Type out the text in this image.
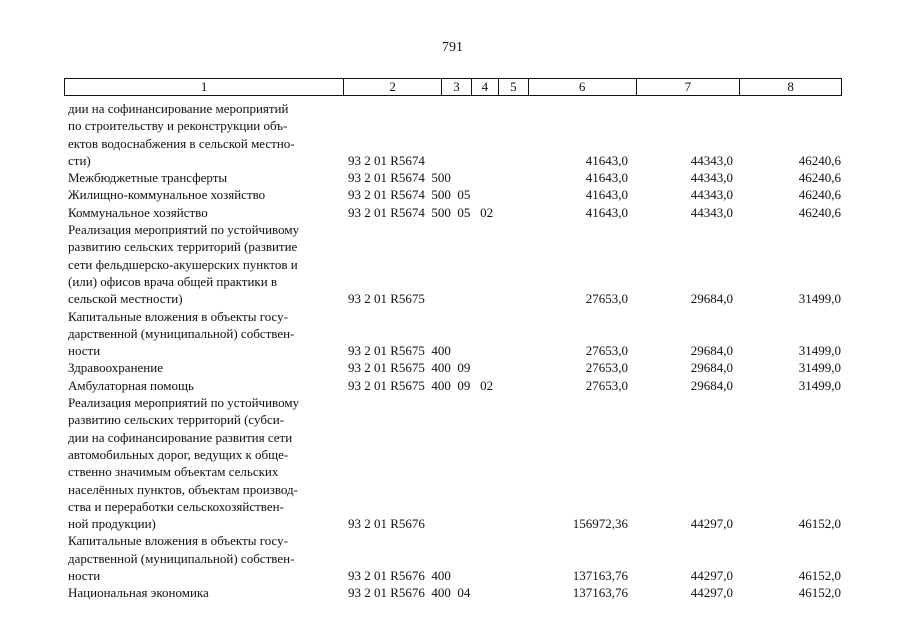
791
1	2	3	4	5	6	7	8
дии на софинансирование мероприятий
по строительству и реконструкции объ-
ектов водоснабжения в сельской местно-
сти)	93 2 01 R5674	41643,0	44343,0	46240,6
Межбюджетные трансферты	93 2 01 R5674  500	41643,0	44343,0	46240,6
Жилищно-коммунальное хозяйство	93 2 01 R5674  500  05	41643,0	44343,0	46240,6
Коммунальное хозяйство	93 2 01 R5674  500  05   02	41643,0	44343,0	46240,6
Реализация мероприятий по устойчивому
развитию сельских территорий (развитие
сети фельдшерско-акушерских пунктов и
(или) офисов врача общей практики в
сельской местности)	93 2 01 R5675	27653,0	29684,0	31499,0
Капитальные вложения в объекты госу-
дарственной (муниципальной) собствен-
ности	93 2 01 R5675  400	27653,0	29684,0	31499,0
Здравоохранение	93 2 01 R5675  400  09	27653,0	29684,0	31499,0
Амбулаторная помощь	93 2 01 R5675  400  09   02	27653,0	29684,0	31499,0
Реализация мероприятий по устойчивому
развитию сельских территорий (субси-
дии на софинансирование развития сети
автомобильных дорог, ведущих к обще-
ственно значимым объектам сельских
населённых пунктов, объектам производ-
ства и переработки сельскохозяйствен-
ной продукции)	93 2 01 R5676	156972,36	44297,0	46152,0
Капитальные вложения в объекты госу-
дарственной (муниципальной) собствен-
ности	93 2 01 R5676  400	137163,76	44297,0	46152,0
Национальная экономика	93 2 01 R5676  400  04	137163,76	44297,0	46152,0
